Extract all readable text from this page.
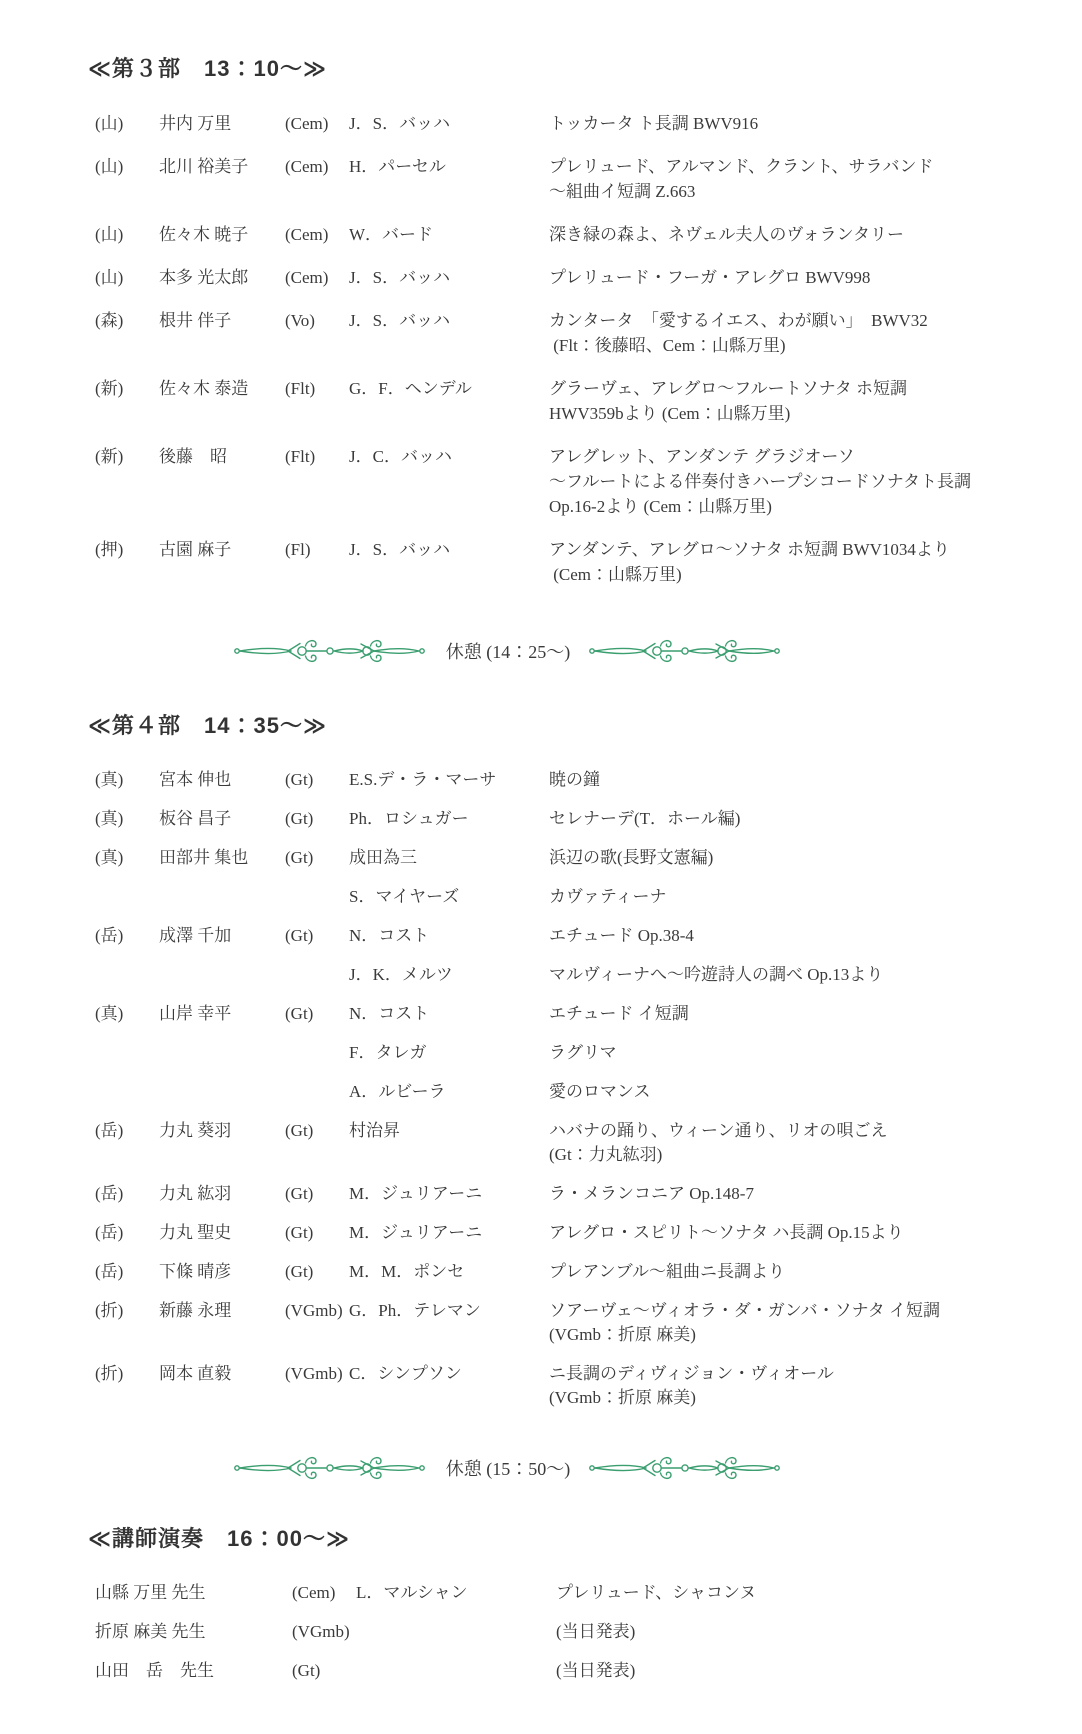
≪第３部　13：10～≫
(山)	井内 万里	(Cem)	J．S．バッハ	トッカータ ト長調 BWV916
(山)	北川 裕美子	(Cem)	H．パーセル	プレリュード、アルマンド、クラント、サラバンド
～組曲イ短調 Z.663
(山)	佐々木 暁子	(Cem)	W．バード	深き緑の森よ、ネヴェル夫人のヴォランタリー
(山)	本多 光太郎	(Cem)	J．S．バッハ	プレリュード・フーガ・アレグロ BWV998
(森)	根井 伴子	(Vo)	J．S．バッハ	カンタータ　「愛するイエス、わが願い」　BWV32
(Flt：後藤昭、Cem：山縣万里)
(新)	佐々木 泰造	(Flt)	G．F．ヘンデル	グラーヴェ、アレグロ～フルートソナタ ホ短調
HWV359bより (Cem：山縣万里)
(新)	後藤　昭	(Flt)	J．C．バッハ	アレグレット、アンダンテ グラジオーソ
～フルートによる伴奏付きハープシコードソナタト長調
Op.16-2より (Cem：山縣万里)
(押)	古園 麻子	(Fl)	J．S．バッハ	アンダンテ、アレグロ～ソナタ ホ短調 BWV1034より
(Cem：山縣万里)
休憩 (14：25～)
≪第４部　14：35～≫
(真)	宮本 伸也	(Gt)	E.S.デ・ラ・マーサ	暁の鐘
(真)	板谷 昌子	(Gt)	Ph．ロシュガー	セレナーデ(T．ホール編)
(真)	田部井 集也	(Gt)	成田為三	浜辺の歌(長野文憲編)
S．マイヤーズ	カヴァティーナ
(岳)	成澤 千加	(Gt)	N．コスト	エチュード Op.38-4
J．K．メルツ	マルヴィーナへ～吟遊詩人の調べ Op.13より
(真)	山岸 幸平	(Gt)	N．コスト	エチュード イ短調
F．タレガ	ラグリマ
A．ルビーラ	愛のロマンス
(岳)	力丸 葵羽	(Gt)	村治昇	ハバナの踊り、ウィーン通り、リオの唄ごえ
(Gt：力丸紘羽)
(岳)	力丸 紘羽	(Gt)	M．ジュリアーニ	ラ・メランコニア Op.148-7
(岳)	力丸 聖史	(Gt)	M．ジュリアーニ	アレグロ・スピリト～ソナタ ハ長調 Op.15より
(岳)	下條 晴彦	(Gt)	M．M．ポンセ	プレアンブル～組曲ニ長調より
(折)	新藤 永理	(VGmb) G．Ph．テレマン	ソアーヴェ～ヴィオラ・ダ・ガンバ・ソナタ イ短調
(VGmb：折原 麻美)
(折)	岡本 直毅	(VGmb) C．シンプソン	ニ長調のディヴィジョン・ヴィオール
(VGmb：折原 麻美)
休憩 (15：50～)
≪講師演奏　16：00～≫
山縣 万里 先生	(Cem)	L．マルシャン	プレリュード、シャコンヌ
折原 麻美 先生	(VGmb)	(当日発表)
山田　岳　先生	(Gt)	(当日発表)
